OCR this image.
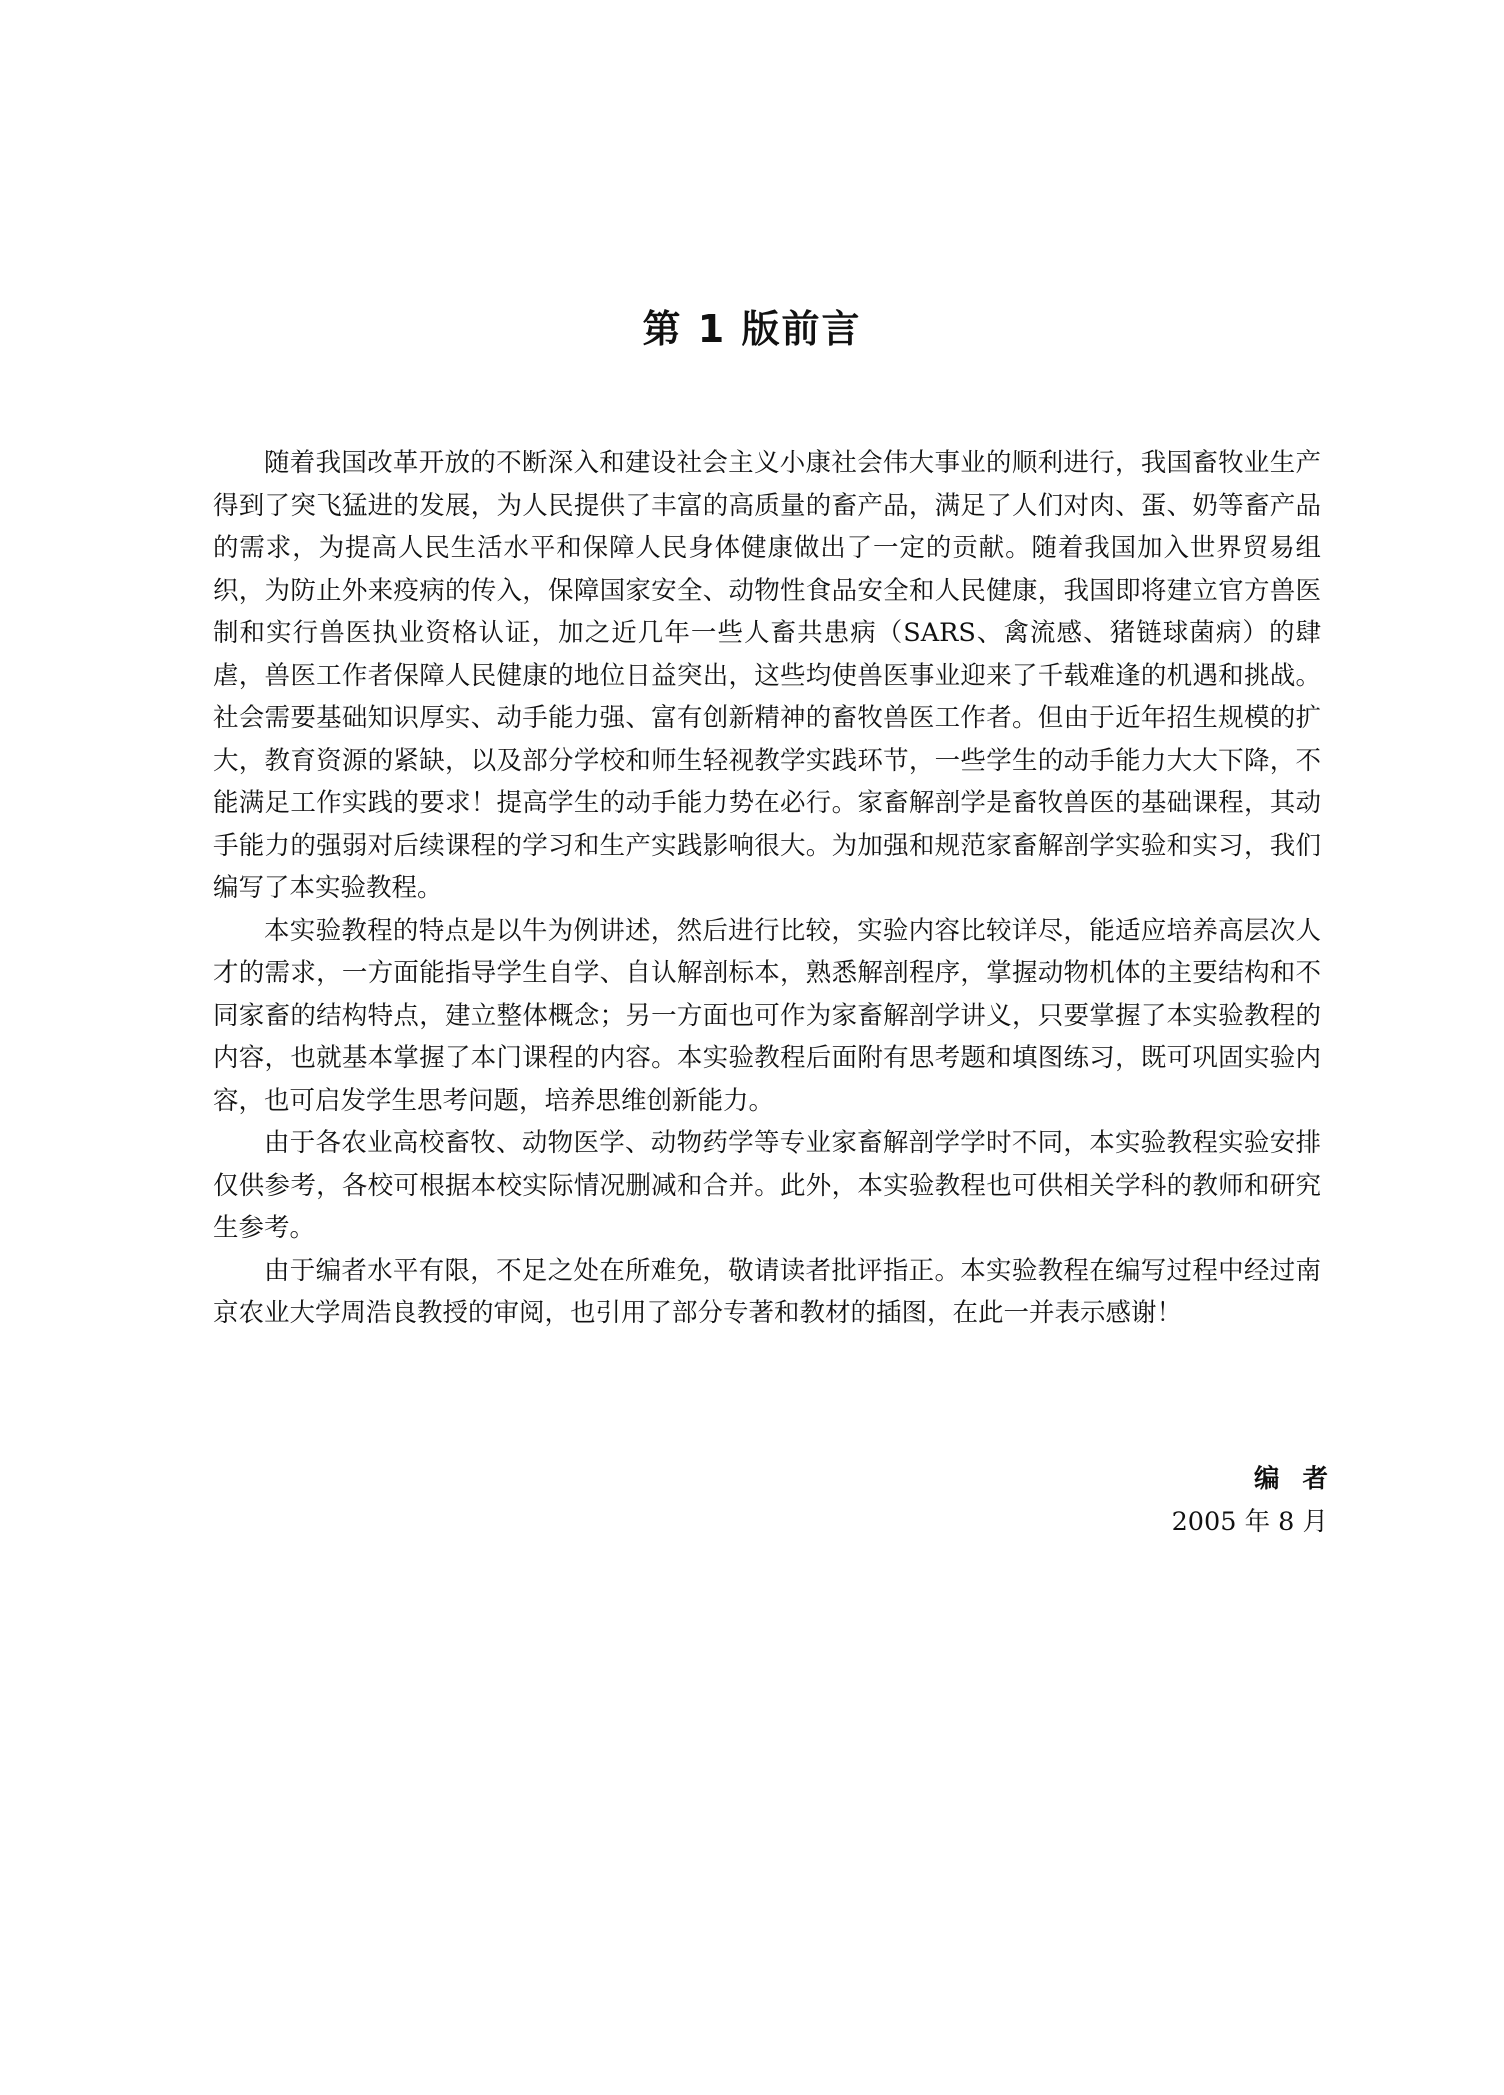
第 1 版前言

随着我国改革开放的不断深入和建设社会主义小康社会伟大事业的顺利进行，我国畜牧业生产得到了突飞猛进的发展，为人民提供了丰富的高质量的畜产品，满足了人们对肉、蛋、奶等畜产品的需求，为提高人民生活水平和保障人民身体健康做出了一定的贡献。随着我国加入世界贸易组织，为防止外来疫病的传入，保障国家安全、动物性食品安全和人民健康，我国即将建立官方兽医制和实行兽医执业资格认证，加之近几年一些人畜共患病（SARS、禽流感、猪链球菌病）的肆虐，兽医工作者保障人民健康的地位日益突出，这些均使兽医事业迎来了千载难逢的机遇和挑战。社会需要基础知识厚实、动手能力强、富有创新精神的畜牧兽医工作者。但由于近年招生规模的扩大，教育资源的紧缺，以及部分学校和师生轻视教学实践环节，一些学生的动手能力大大下降，不能满足工作实践的要求！提高学生的动手能力势在必行。家畜解剖学是畜牧兽医的基础课程，其动手能力的强弱对后续课程的学习和生产实践影响很大。为加强和规范家畜解剖学实验和实习，我们编写了本实验教程。

本实验教程的特点是以牛为例讲述，然后进行比较，实验内容比较详尽，能适应培养高层次人才的需求，一方面能指导学生自学、自认解剖标本，熟悉解剖程序，掌握动物机体的主要结构和不同家畜的结构特点，建立整体概念；另一方面也可作为家畜解剖学讲义，只要掌握了本实验教程的内容，也就基本掌握了本门课程的内容。本实验教程后面附有思考题和填图练习，既可巩固实验内容，也可启发学生思考问题，培养思维创新能力。

由于各农业高校畜牧、动物医学、动物药学等专业家畜解剖学学时不同，本实验教程实验安排仅供参考，各校可根据本校实际情况删减和合并。此外，本实验教程也可供相关学科的教师和研究生参考。

由于编者水平有限，不足之处在所难免，敬请读者批评指正。本实验教程在编写过程中经过南京农业大学周浩良教授的审阅，也引用了部分专著和教材的插图，在此一并表示感谢！

编者
2005 年 8 月
